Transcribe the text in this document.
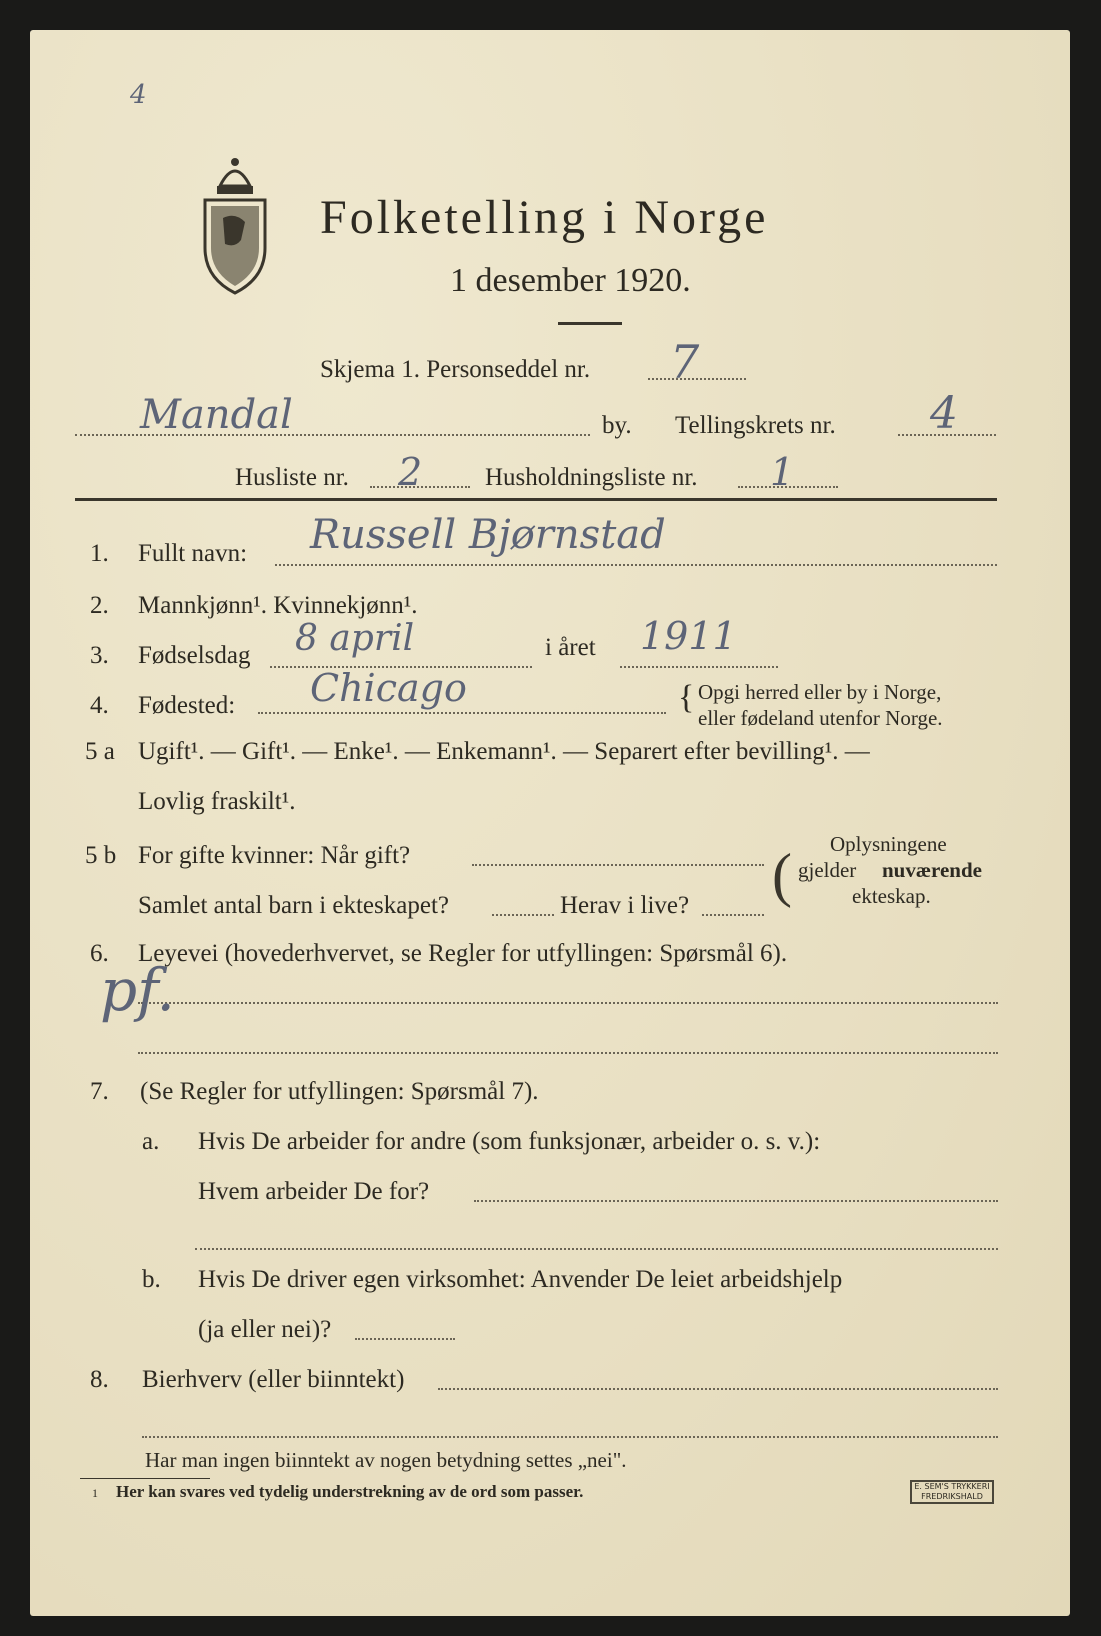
4
Folketelling i Norge
1 desember 1920.
Skjema 1. Personseddel nr. 7
Mandal	by. Tellingskrets nr. 4
Husliste nr. 2	Husholdningsliste nr. 1
1. Fullt navn: Russell Bjørnstad
2. Mannkjønn¹. Kvinnekjønn¹.
3. Fødselsdag 8 april	i året 1911
4. Fødested: Chicago	{ Opgi herred eller by i Norge,
eller fødeland utenfor Norge.
5 a Ugift¹. — Gift¹. — Enke¹. — Enkemann¹. — Separert efter bevilling¹. —
Lovlig fraskilt¹.
5 b For gifte kvinner: Når gift?
Samlet antal barn i ekteskapet?	Herav i live? ( Oplysningene
gjelder nuværende
ekteskap.
6. Leyevei (hovederhvervet, se Regler for utfyllingen: Spørsmål 6).
pf.
7. (Se Regler for utfyllingen: Spørsmål 7).
a. Hvis De arbeider for andre (som funksjonær, arbeider o. s. v.):
Hvem arbeider De for?
b. Hvis De driver egen virksomhet: Anvender De leiet arbeidshjelp
(ja eller nei)?
8. Bierhverv (eller biinntekt)
Har man ingen biinntekt av nogen betydning settes „nei".
1 Her kan svares ved tydelig understrekning av de ord som passer.	E. SEM'S TRYKKERI
FREDRIKSHALD
